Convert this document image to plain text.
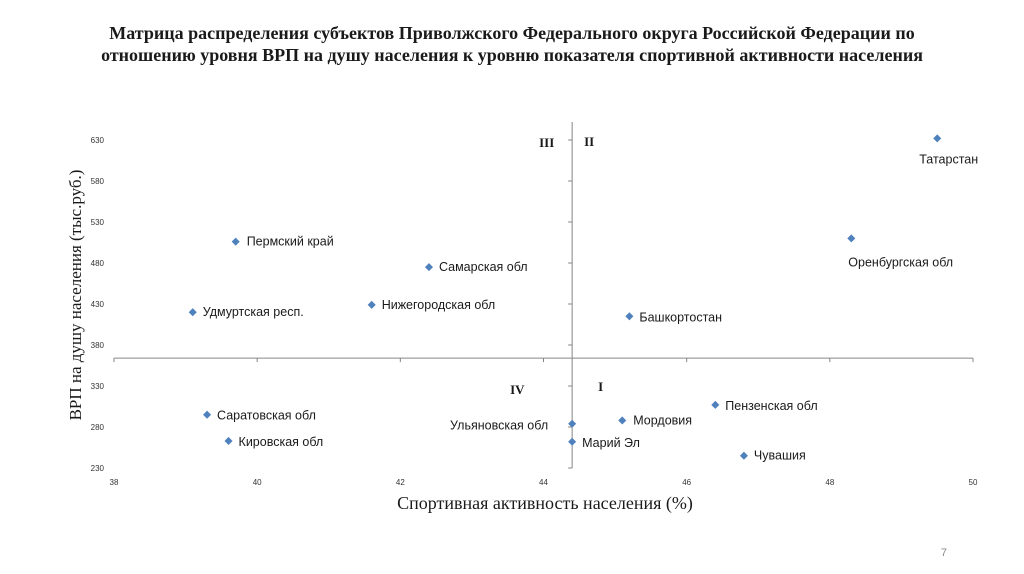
Матрица распределения субъектов Приволжского Федерального округа Российской Федерации по
отношению уровня ВРП на душу населения к уровню показателя спортивной активности населения
38	40	42	44	46	48	50
230
280
330
380
430
480
530
580
630	III II
IV	I
Татарстан
Оренбургская обл
Пермский край
Самарская обл
Нижегородская обл
Удмуртская респ.	Башкортостан
Пензенская обл
Саратовская обл	Мордовия
Ульяновская обл
Кировская обл	Марий Эл
Чувашия
ВРП на душу населения (тыс.руб.)
Спортивная активность населения (%)
7
